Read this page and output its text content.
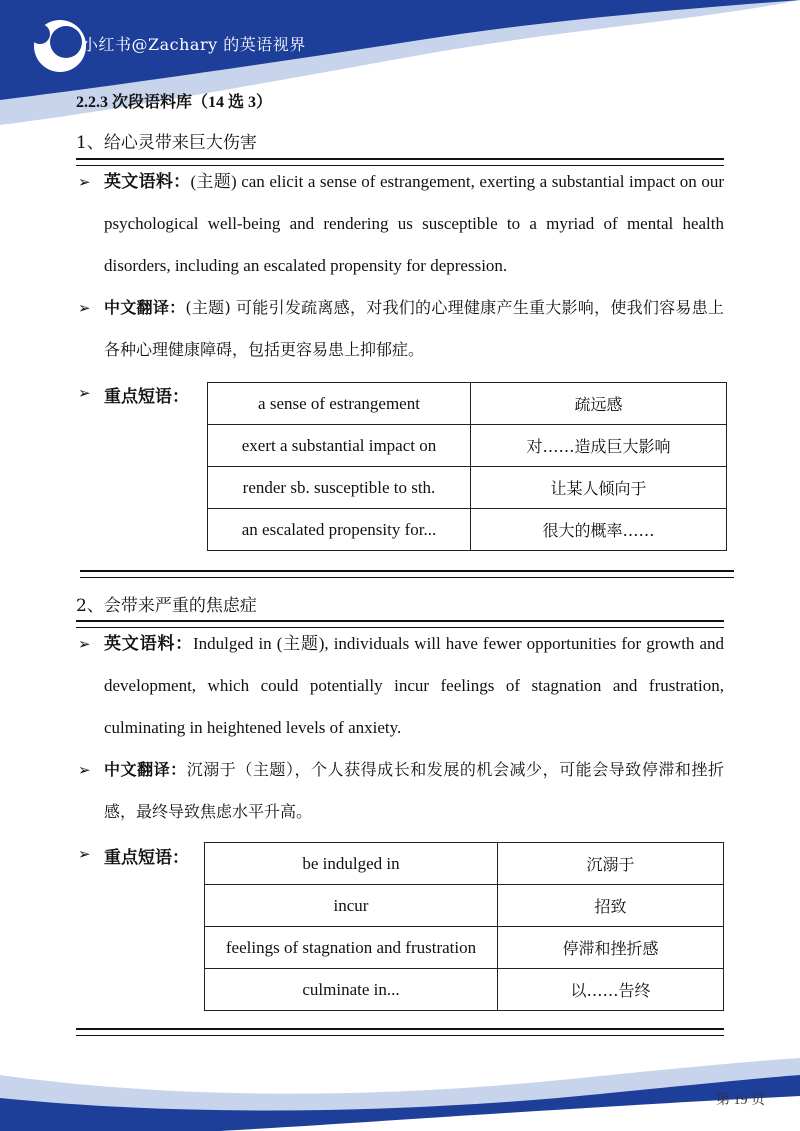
小红书@Zachary 的英语视界
2.2.3 次段语料库（14 选 3）
1、给心灵带来巨大伤害
➢ 英文语料：(主题) can elicit a sense of estrangement, exerting a substantial impact on our psychological well-being and rendering us susceptible to a myriad of mental health disorders, including an escalated propensity for depression.
➢ 中文翻译：(主题) 可能引发疏离感，对我们的心理健康产生重大影响，使我们容易患上各种心理健康障碍，包括更容易患上抑郁症。
➢ 重点短语：	a sense of estrangement	疏远感
exert a substantial impact on	对……造成巨大影响
render sb. susceptible to sth.	让某人倾向于
an escalated propensity for...	很大的概率……
2、会带来严重的焦虑症
➢ 英文语料：Indulged in (主题), individuals will have fewer opportunities for growth and development, which could potentially incur feelings of stagnation and frustration, culminating in heightened levels of anxiety.
➢ 中文翻译：沉溺于（主题），个人获得成长和发展的机会减少，可能会导致停滞和挫折感，最终导致焦虑水平升高。
➢ 重点短语：	be indulged in	沉溺于
incur	招致
feelings of stagnation and frustration	停滞和挫折感
culminate in...	以……告终
第 19 页
